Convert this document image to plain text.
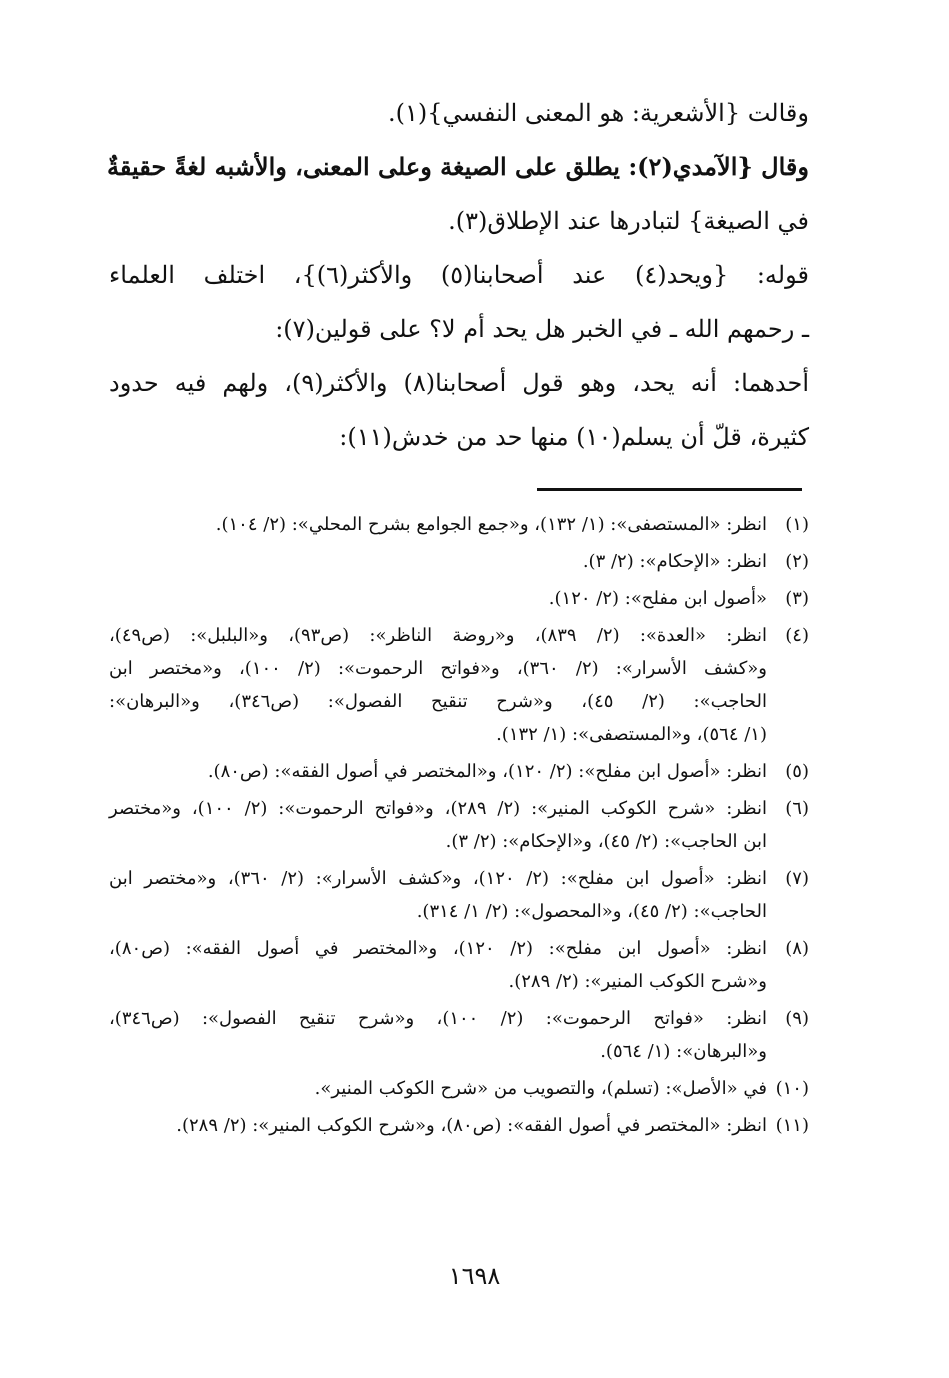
وقالت {الأشعرية: هو المعنى النفسي}(١).
وقال {الآمدي(٢): يطلق على الصيغة وعلى المعنى، والأشبه لغةً حقيقةٌ
في الصيغة} لتبادرها عند الإطلاق(٣).
قوله: {ويحد(٤) عند أصحابنا(٥) والأكثر(٦)}، اختلف العلماء
ـ رحمهم الله ـ في الخبر هل يحد أم لا؟ على قولين(٧):
أحدهما: أنه يحد، وهو قول أصحابنا(٨) والأكثر(٩)، ولهم فيه حدود
كثيرة، قلّ أن يسلم(١٠) منها حد من خدش(١١):
(١)
انظر: «المستصفى»: (١/ ١٣٢)، و«جمع الجوامع بشرح المحلي»: (٢/ ١٠٤).
(٢)
انظر: «الإحكام»: (٢/ ٣).
(٣)
«أصول ابن مفلح»: (٢/ ١٢٠).
(٤)
انظر: «العدة»: (٢/ ٨٣٩)، و«روضة الناظر»: (ص٩٣)، و«البلبل»: (ص٤٩)،
و«كشف الأسرار»: (٢/ ٣٦٠)، و«فواتح الرحموت»: (٢/ ١٠٠)، و«مختصر ابن
الحاجب»: (٢/ ٤٥)، و«شرح تنقيح الفصول»: (ص٣٤٦)، و«البرهان»:
(١/ ٥٦٤)، و«المستصفى»: (١/ ١٣٢).
(٥)
انظر: «أصول ابن مفلح»: (٢/ ١٢٠)، و«المختصر في أصول الفقه»: (ص٨٠).
(٦)
انظر: «شرح الكوكب المنير»: (٢/ ٢٨٩)، و«فواتح الرحموت»: (٢/ ١٠٠)، و«مختصر
ابن الحاجب»: (٢/ ٤٥)، و«الإحكام»: (٢/ ٣).
(٧)
انظر: «أصول ابن مفلح»: (٢/ ١٢٠)، و«كشف الأسرار»: (٢/ ٣٦٠)، و«مختصر ابن
الحاجب»: (٢/ ٤٥)، و«المحصول»: (٢/ ١/ ٣١٤).
(٨)
انظر: «أصول ابن مفلح»: (٢/ ١٢٠)، و«المختصر في أصول الفقه»: (ص٨٠)،
و«شرح الكوكب المنير»: (٢/ ٢٨٩).
(٩)
انظر: «فواتح الرحموت»: (٢/ ١٠٠)، و«شرح تنقيح الفصول»: (ص٣٤٦)،
و«البرهان»: (١/ ٥٦٤).
(١٠)
في «الأصل»: (تسلم)، والتصويب من «شرح الكوكب المنير».
(١١)
انظر: «المختصر في أصول الفقه»: (ص٨٠)، و«شرح الكوكب المنير»: (٢/ ٢٨٩).
١٦٩٨
